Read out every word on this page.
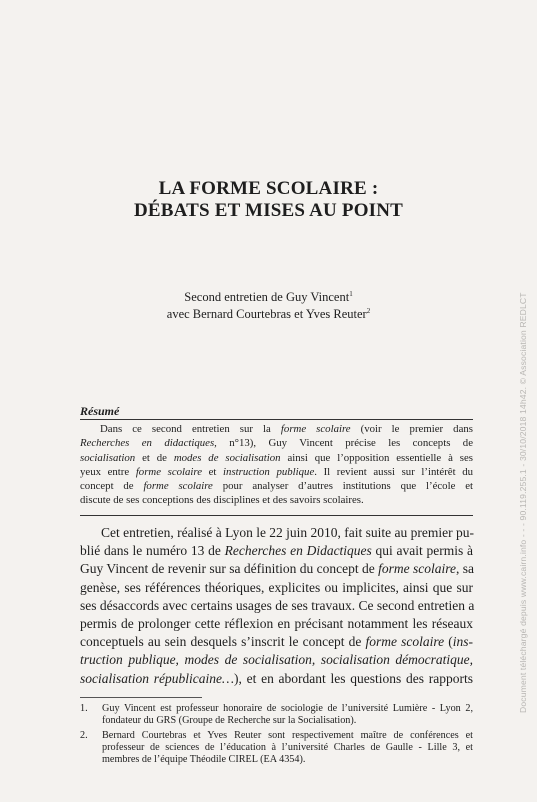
LA FORME SCOLAIRE :
DÉBATS ET MISES AU POINT
Second entretien de Guy Vincent$^1$
avec Bernard Courtebras et Yves Reuter$^2$
Résumé
Dans ce second entretien sur la forme scolaire (voir le premier dans
Recherches en didactiques, n°13), Guy Vincent précise les concepts de
socialisation et de modes de socialisation ainsi que l’opposition essentielle à ses
yeux entre forme scolaire et instruction publique. Il revient aussi sur l’intérêt du
concept de forme scolaire pour analyser d’autres institutions que l’école et
discute de ses conceptions des disciplines et des savoirs scolaires.
Cet entretien, réalisé à Lyon le 22 juin 2010, fait suite au premier pu-
blié dans le numéro 13 de Recherches en Didactiques qui avait permis à
Guy Vincent de revenir sur sa définition du concept de forme scolaire, sa
genèse, ses références théoriques, explicites ou implicites, ainsi que sur
ses désaccords avec certains usages de ses travaux. Ce second entretien a
permis de prolonger cette réflexion en précisant notamment les réseaux
conceptuels au sein desquels s’inscrit le concept de forme scolaire (ins-
truction publique, modes de socialisation, socialisation démocratique,
socialisation républicaine…), et en abordant les questions des rapports
1. Guy Vincent est professeur honoraire de sociologie de l’université Lumière - Lyon 2,
fondateur du GRS (Groupe de Recherche sur la Socialisation).
2. Bernard Courtebras et Yves Reuter sont respectivement maître de conférences et
professeur de sciences de l’éducation à l’université Charles de Gaulle - Lille 3, et
membres de l’équipe Théodile CIREL (EA 4354).
Document téléchargé depuis www.cairn.info - - - 90.119.255.1 - 30/10/2018 14h42. © Association REDLCT
